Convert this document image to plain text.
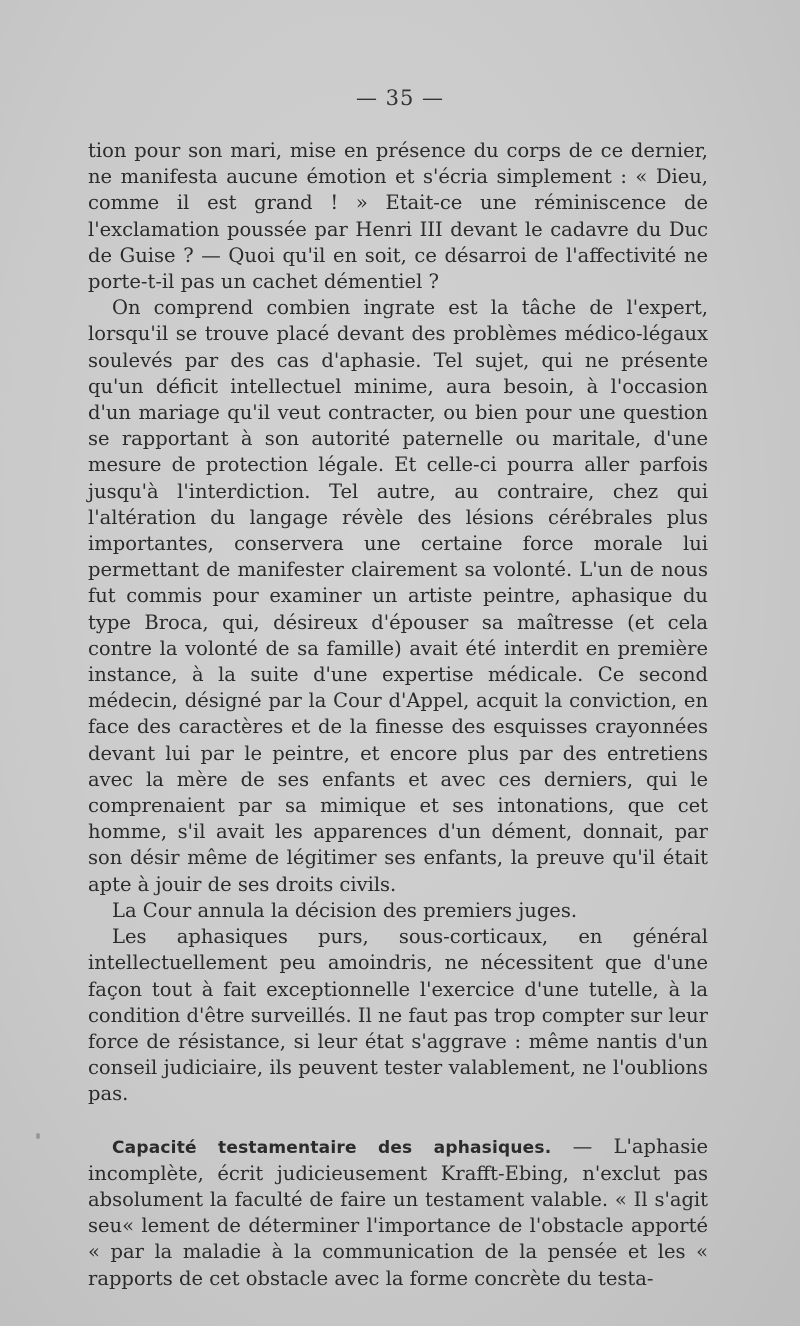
— 35 —

tion pour son mari, mise en présence du corps de ce dernier, ne manifesta aucune émotion et s'écria simplement : « Dieu, comme il est grand ! » Etait-ce une réminiscence de l'exclamation poussée par Henri III devant le cadavre du Duc de Guise ? — Quoi qu'il en soit, ce désarroi de l'affectivité ne porte-t-il pas un cachet démentiel ?

On comprend combien ingrate est la tâche de l'expert, lorsqu'il se trouve placé devant des problèmes médico-légaux soulevés par des cas d'aphasie. Tel sujet, qui ne présente qu'un déficit intellectuel minime, aura besoin, à l'occasion d'un mariage qu'il veut contracter, ou bien pour une question se rapportant à son autorité paternelle ou maritale, d'une mesure de protection légale. Et celle-ci pourra aller parfois jusqu'à l'interdiction. Tel autre, au contraire, chez qui l'altération du langage révèle des lésions cérébrales plus importantes, conservera une certaine force morale lui permettant de manifester clairement sa volonté. L'un de nous fut commis pour examiner un artiste peintre, aphasique du type Broca, qui, désireux d'épouser sa maîtresse (et cela contre la volonté de sa famille) avait été interdit en première instance, à la suite d'une expertise médicale. Ce second médecin, désigné par la Cour d'Appel, acquit la conviction, en face des caractères et de la finesse des esquisses crayonnées devant lui par le peintre, et encore plus par des entretiens avec la mère de ses enfants et avec ces derniers, qui le comprenaient par sa mimique et ses intonations, que cet homme, s'il avait les apparences d'un dément, donnait, par son désir même de légitimer ses enfants, la preuve qu'il était apte à jouir de ses droits civils.

La Cour annula la décision des premiers juges.

Les aphasiques purs, sous-corticaux, en général intellectuellement peu amoindris, ne nécessitent que d'une façon tout à fait exceptionnelle l'exercice d'une tutelle, à la condition d'être surveillés. Il ne faut pas trop compter sur leur force de résistance, si leur état s'aggrave : même nantis d'un conseil judiciaire, ils peuvent tester valablement, ne l'oublions pas.

Capacité testamentaire des aphasiques. — L'aphasie incomplète, écrit judicieusement Krafft-Ebing, n'exclut pas absolument la faculté de faire un testament valable. « Il s'agit seu« lement de déterminer l'importance de l'obstacle apporté « par la maladie à la communication de la pensée et les « rapports de cet obstacle avec la forme concrète du testa-
